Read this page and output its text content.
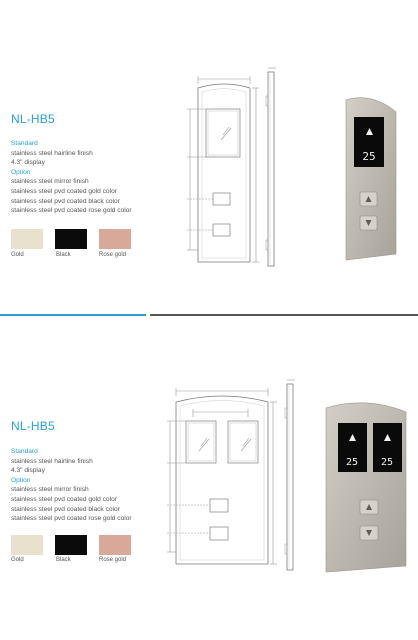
NL-HB5
Standard
stainless steel hairline finish
4.3" display
Option
stainless steel mirror finish
stainless steel pvd coated gold color
stainless steel pvd coated black color
stainless steel pvd coated rose gold color
Gold	Black	Rose gold
25
NL-HB5
Standard
stainless steel hairline finish
4.3" display
Option
stainless steel mirror finish
stainless steel pvd coated gold color
stainless steel pvd coated black color
stainless steel pvd coated rose gold color
Gold	Black	Rose gold
25 25
